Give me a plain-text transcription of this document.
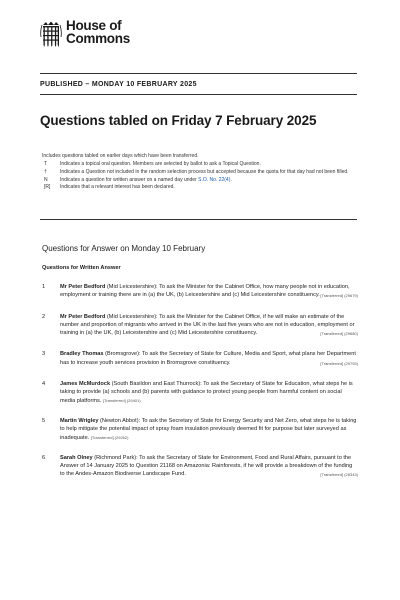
House of
Commons
PUBLISHED – MONDAY 10 FEBRUARY 2025
Questions tabled on Friday 7 February 2025
Includes questions tabled on earlier days which have been transferred.
T	Indicates a topical oral question. Members are selected by ballot to ask a Topical Question.
†	Indicates a Question not included in the random selection process but accepted because the quota for that day had not been filled.
N	Indicates a question for written answer on a named day under S.O. No. 22(4).
[R]	Indicates that a relevant interest has been declared.
Questions for Answer on Monday 10 February
Questions for Written Answer
1	Mr Peter Bedford (Mid Leicestershire): To ask the Minister for the Cabinet Office, how many people not in education, employment or training there are in (a) the UK, (b) Leicestershire and (c) Mid Leicestershire constituency. [Transferred] (29679)
2	Mr Peter Bedford (Mid Leicestershire): To ask the Minister for the Cabinet Office, if he will make an estimate of the number and proportion of migrants who arrived in the UK in the last five years who are not in education, employment or training in (a) the UK, (b) Leicestershire and (c) Mid Leicestershire constituency.	[Transferred] (29680)
3	Bradley Thomas (Bromsgrove): To ask the Secretary of State for Culture, Media and Sport, what plans her Department has to increase youth services provision in Bromsgrove constituency.	[Transferred] (29793)
4	James McMurdock (South Basildon and East Thurrock): To ask the Secretary of State for Education, what steps he is taking to provide (a) schools and (b) parents with guidance to protect young people from harmful content on social media platforms. [Transferred] (29401)
5	Martin Wrigley (Newton Abbot): To ask the Secretary of State for Energy Security and Net Zero, what steps he is taking to help mitigate the potential impact of spray foam insulation previously deemed fit for purpose but later surveyed as inadequate. [Transferred] (29262)
6	Sarah Olney (Richmond Park): To ask the Secretary of State for Environment, Food and Rural Affairs, pursuant to the Answer of 14 January 2025 to Question 21168 on Amazonia: Rainforests, if he will provide a breakdown of the funding to the Andes-Amazon Biodiverse Landscape Fund.	[Transferred] (28343)
